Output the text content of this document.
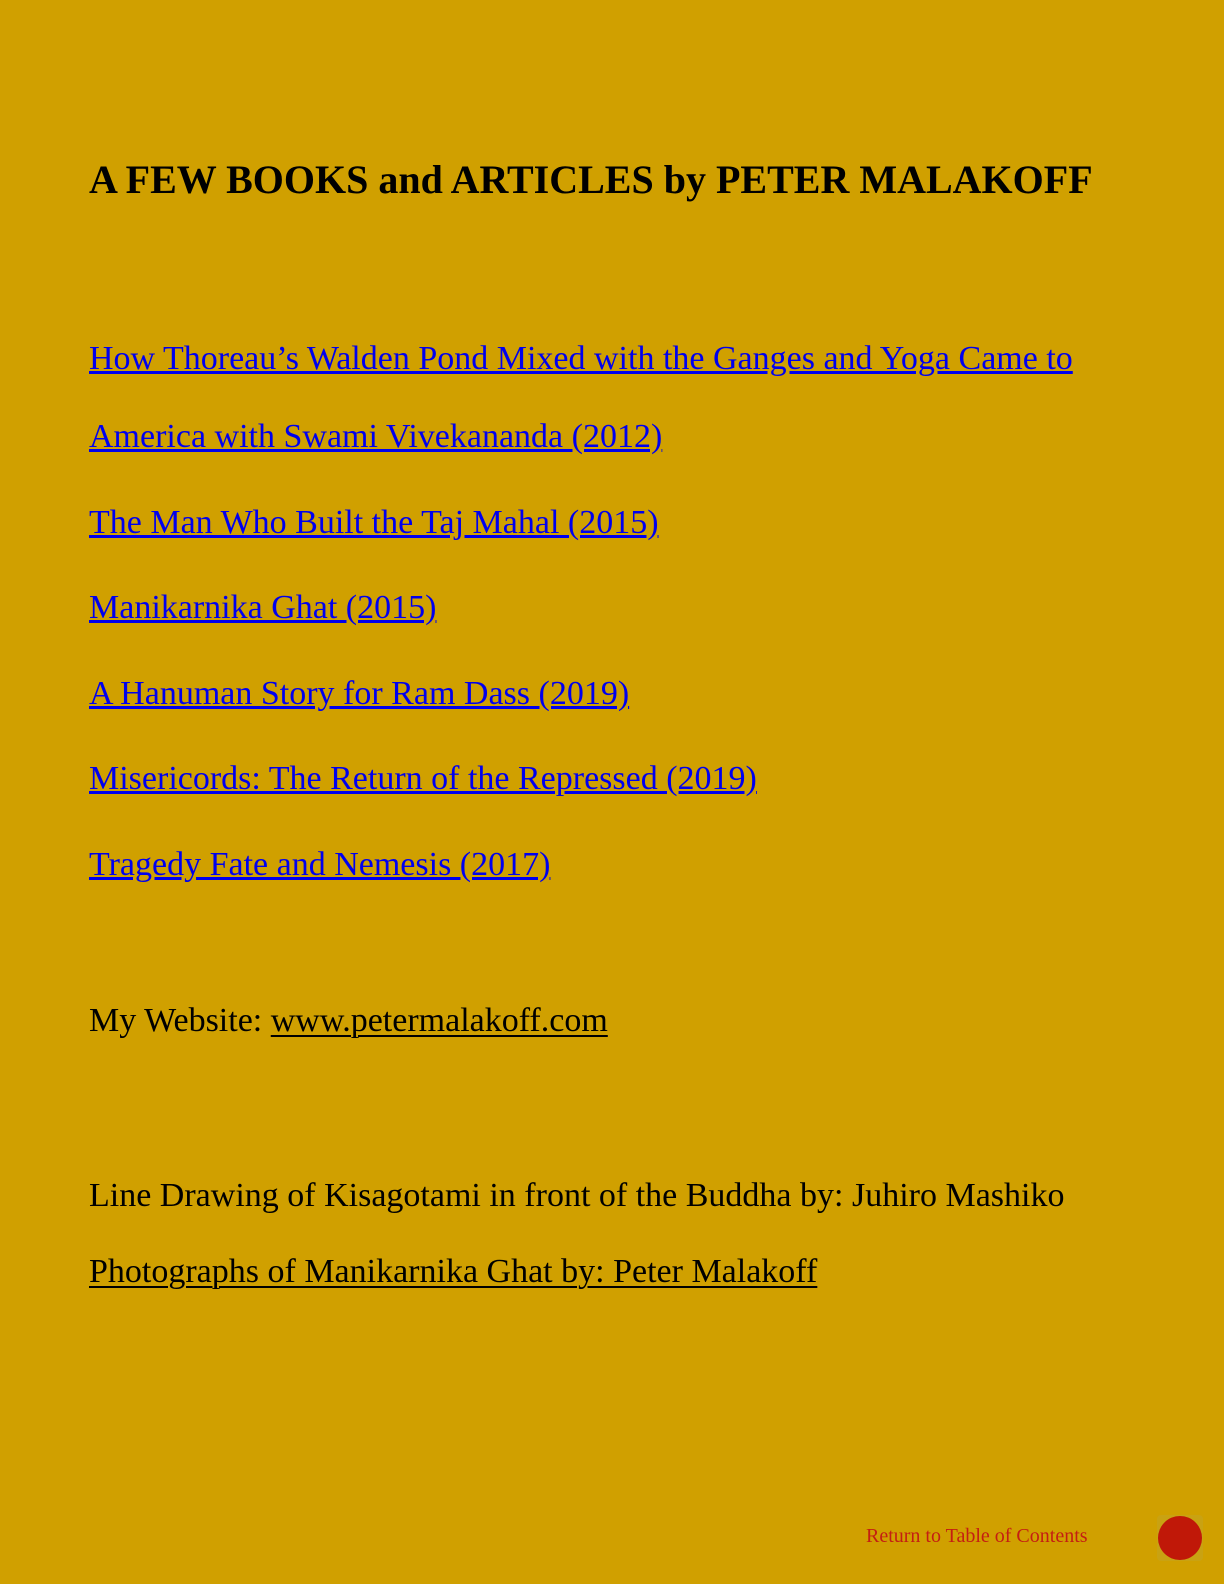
A FEW BOOKS and ARTICLES by PETER MALAKOFF

How Thoreau’s Walden Pond Mixed with the Ganges and Yoga Came to

America with Swami Vivekananda (2012)

The Man Who Built the Taj Mahal (2015)

Manikarnika Ghat (2015)

A Hanuman Story for Ram Dass (2019)

Misericords: The Return of the Repressed (2019)

Tragedy Fate and Nemesis (2017)

My Website: www.petermalakoff.com

Line Drawing of Kisagotami in front of the Buddha by: Juhiro Mashiko

Photographs of Manikarnika Ghat by: Peter Malakoff

Return to Table of Contents
